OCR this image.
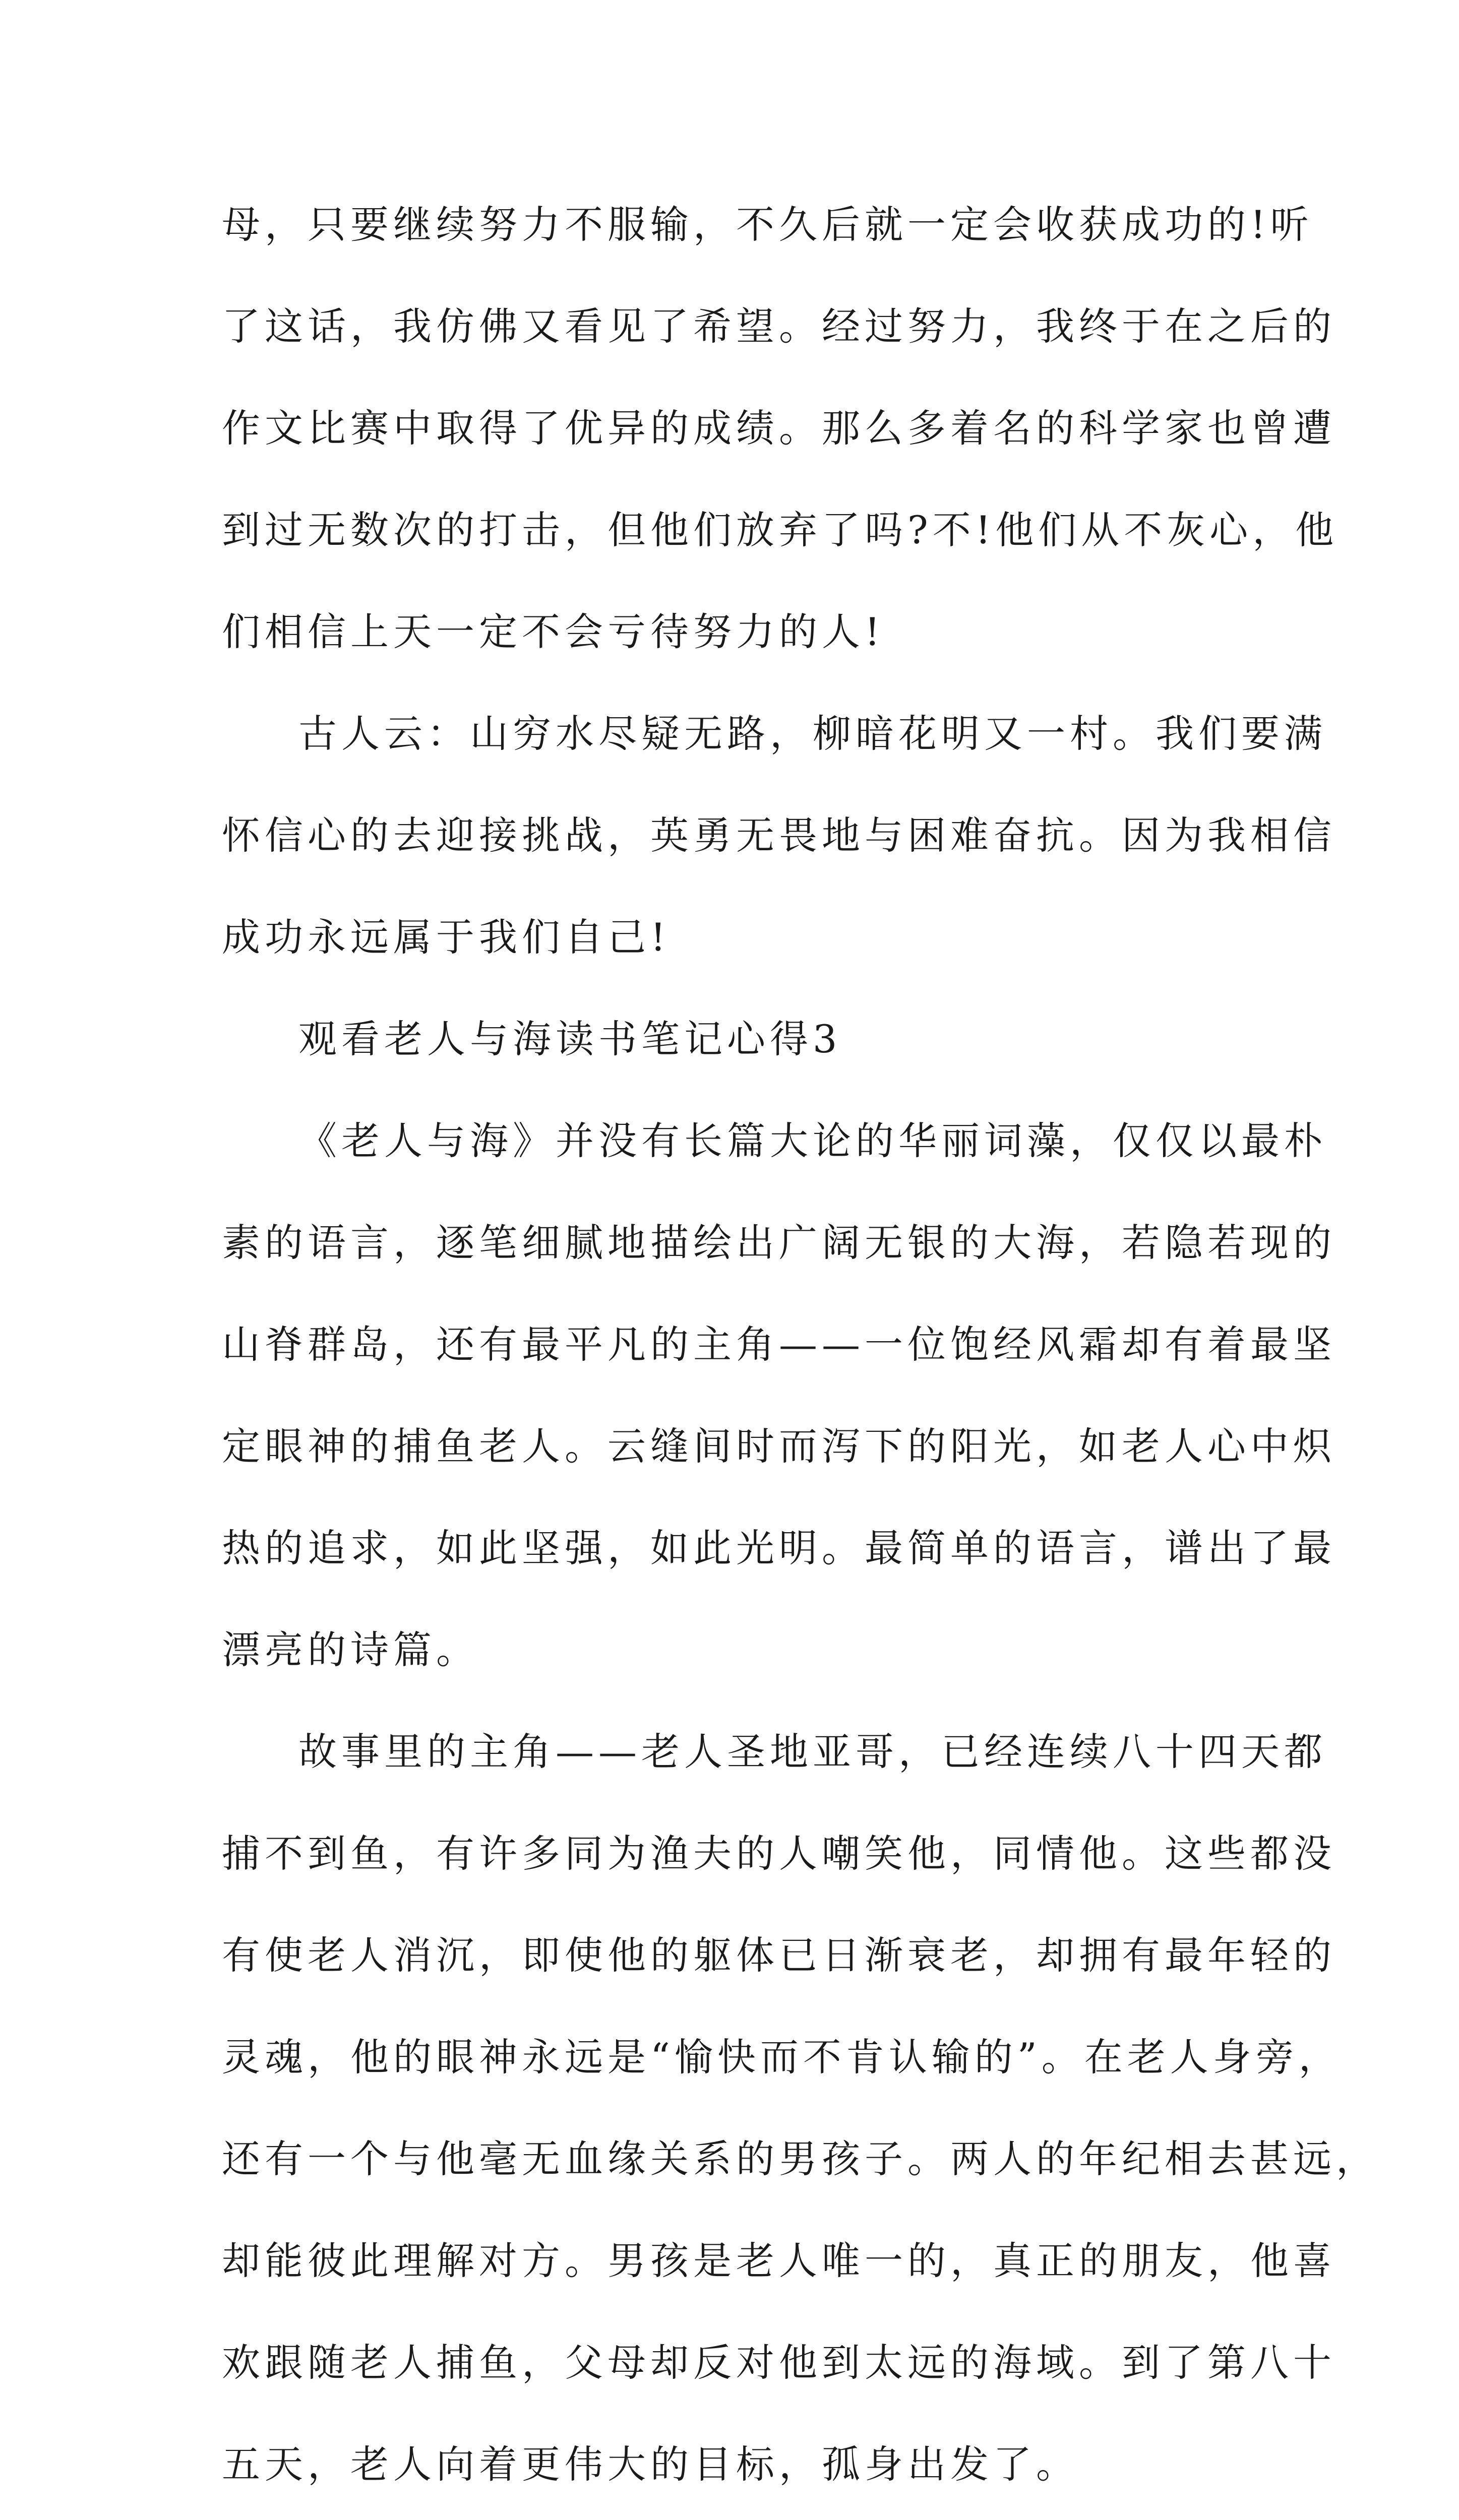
母，只要继续努力不服输，不久后就一定会收获成功的!听
了这话，我仿佛又看见了希望。经过努力，我终于在之后的
作文比赛中取得了优异的成绩。那么多着名的科学家也曾遭
到过无数次的打击，但他们放弃了吗?不!他们从不灰心，他
们相信上天一定不会亏待努力的人!
古人云：山穷水尽疑无路，柳暗花明又一村。我们要满
怀信心的去迎接挑战，英勇无畏地与困难奋抗。因为我相信
成功永远属于我们自己!
观看老人与海读书笔记心得3
《老人与海》并没有长篇大论的华丽词藻，仅仅以最朴
素的语言，逐笔细腻地描绘出广阔无银的大海，若隐若现的
山脊群岛，还有最平凡的主角——一位饱经风霜却有着最坚
定眼神的捕鱼老人。云缝间时而泻下的阳光，如老人心中炽
热的追求，如此坚强，如此光明。最简单的语言，谱出了最
漂亮的诗篇。
故事里的主角——老人圣地亚哥，已经连续八十四天都
捕不到鱼，有许多同为渔夫的人嘲笑他，同情他。这些都没
有使老人消沉，即使他的躯体已日渐衰老，却拥有最年轻的
灵魂，他的眼神永远是“愉快而不肯认输的”。在老人身旁，
还有一个与他毫无血缘关系的男孩子。两人的年纪相去甚远，
却能彼此理解对方。男孩是老人唯一的，真正的朋友，他喜
欢跟随老人捕鱼，父母却反对他到太远的海域。到了第八十
五天，老人向着更伟大的目标，孤身出发了。
